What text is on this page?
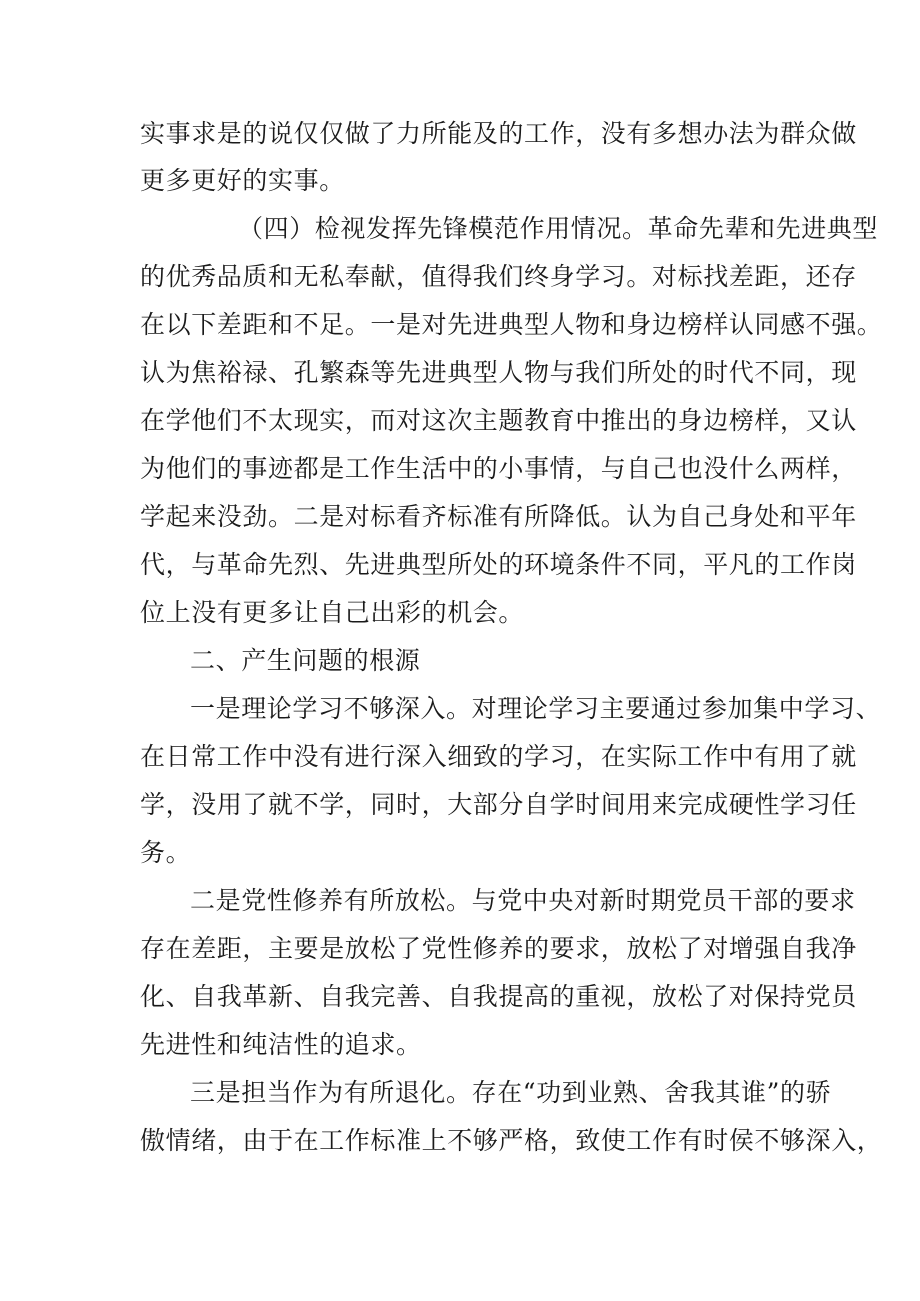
实事求是的说仅仅做了力所能及的工作，没有多想办法为群众做
更多更好的实事。
（四）检视发挥先锋模范作用情况。革命先辈和先进典型
的优秀品质和无私奉献，值得我们终身学习。对标找差距，还存
在以下差距和不足。一是对先进典型人物和身边榜样认同感不强。
认为焦裕禄、孔繁森等先进典型人物与我们所处的时代不同，现
在学他们不太现实，而对这次主题教育中推出的身边榜样，又认
为他们的事迹都是工作生活中的小事情，与自己也没什么两样，
学起来没劲。二是对标看齐标准有所降低。认为自己身处和平年
代，与革命先烈、先进典型所处的环境条件不同，平凡的工作岗
位上没有更多让自己出彩的机会。
二、产生问题的根源
一是理论学习不够深入。对理论学习主要通过参加集中学习、
在日常工作中没有进行深入细致的学习，在实际工作中有用了就
学，没用了就不学，同时，大部分自学时间用来完成硬性学习任
务。
二是党性修养有所放松。与党中央对新时期党员干部的要求
存在差距，主要是放松了党性修养的要求，放松了对增强自我净
化、自我革新、自我完善、自我提高的重视，放松了对保持党员
先进性和纯洁性的追求。
三是担当作为有所退化。存在“功到业熟、舍我其谁”的骄
傲情绪，由于在工作标准上不够严格，致使工作有时侯不够深入，
